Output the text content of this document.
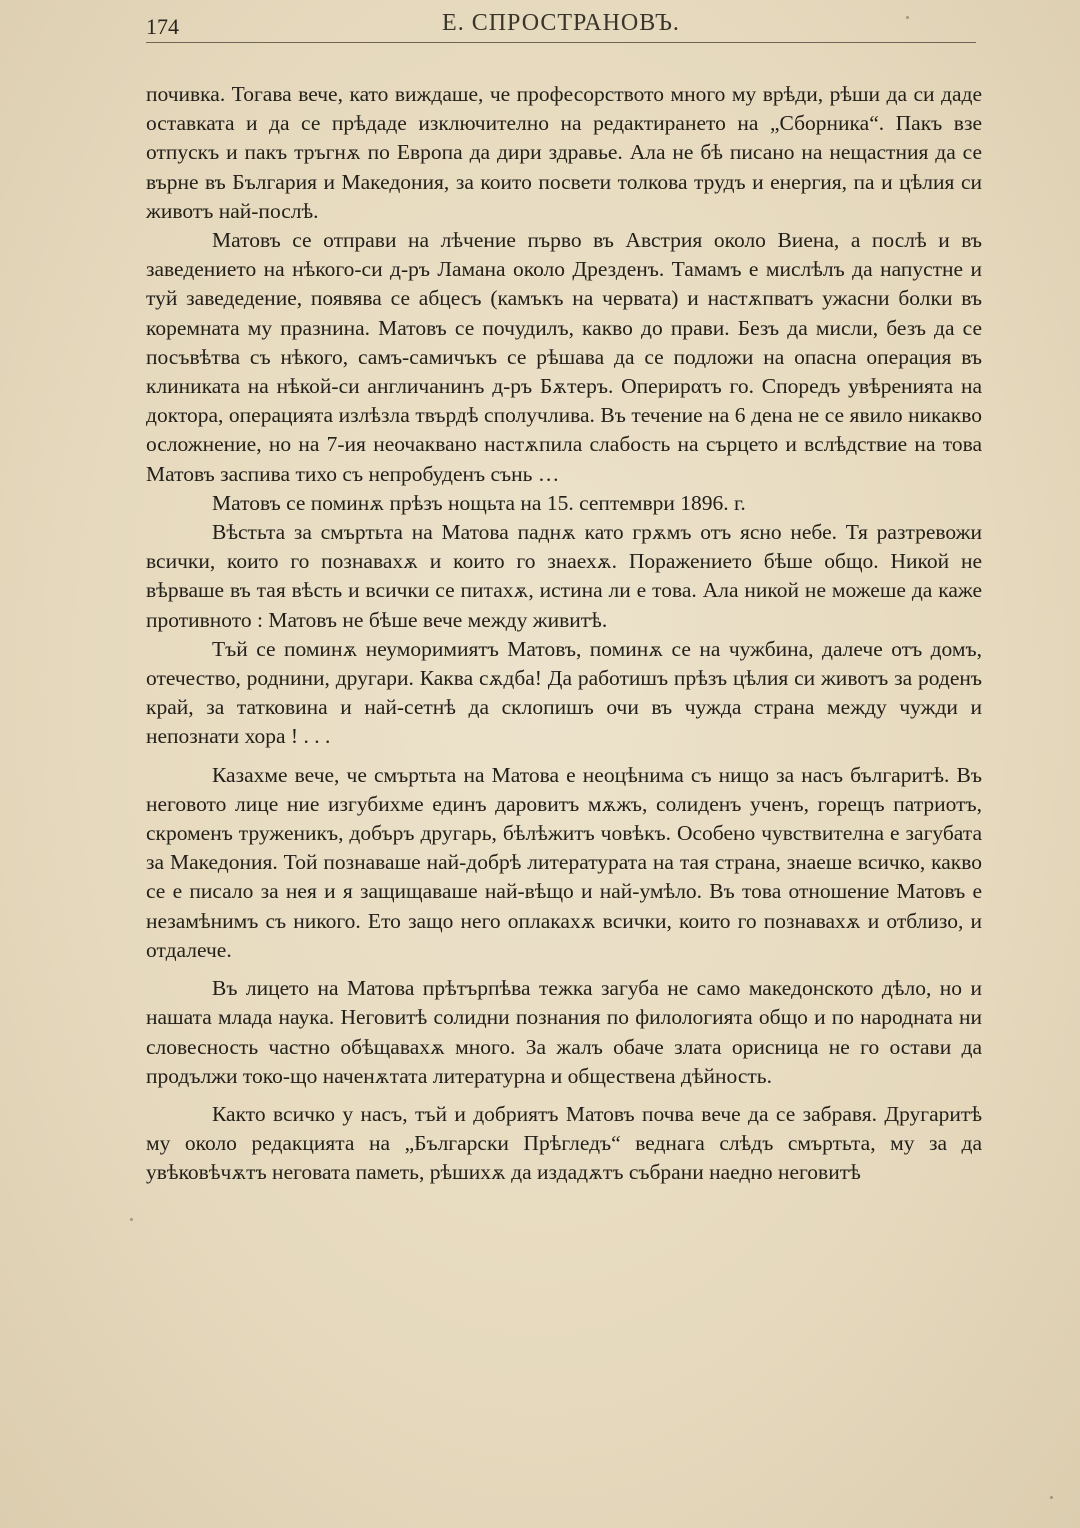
174	Е. СПРОСТРАНОВЪ.

почивка. Тогава вече, като виждаше, че професорството много му врѣди, рѣши да си даде оставката и да се прѣдаде изключително на редактирането на „Сборника“. Пакъ взе отпускъ и пакъ тръгнѫ по Европа да дири здравье. Ала не бѣ писано на нещастния да се върне въ България и Македония, за които посвети толкова трудъ и енергия, па и цѣлия си животъ най-послѣ.

Матовъ се отправи на лѣчение първо въ Австрия около Виена, а послѣ и въ заведението на нѣкого-си д-ръ Ламана около Дрезденъ. Тамамъ е мислѣлъ да напустне и туй заведедение, появява се абцесъ (камъкъ на червата) и настѫпватъ ужасни болки въ коремната му празнина. Матовъ се почудилъ, какво до прави. Безъ да мисли, безъ да се посъвѣтва съ нѣкого, самъ-самичъкъ се рѣшава да се подложи на опасна операция въ клиниката на нѣкой-си англичанинъ д-ръ Бѫтеръ. Оперирατъ го. Споредъ увѣренията на доктора, операцията излѣзла твърдѣ сполучлива. Въ течение на 6 дена не се явило никакво осложнение, но на 7-ия неочаквано настѫпила слабость на сърцето и вслѣдствие на това Матовъ заспива тихо съ непробуденъ сънь …

Матовъ се поминѫ прѣзъ нощьта на 15. септември 1896. г.

Вѣстьта за смъртьта на Матова паднѫ като грѫмъ отъ ясно небе. Тя разтревожи всички, които го познавахѫ и които го знаехѫ. Поражението бѣше общо. Никой не вѣрваше въ тая вѣсть и всички се питахѫ, истина ли е това. Ала никой не можеше да каже противното : Матовъ не бѣше вече между живитѣ.

Тъй се поминѫ неуморимиятъ Матовъ, поминѫ се на чужбина, далече отъ домъ, отечество, роднини, другари. Каква сѫдба! Да работишъ прѣзъ цѣлия си животъ за роденъ край, за татковина и най-сетнѣ да склопишъ очи въ чужда страна между чужди и непознати хора ! . . .

Казахме вече, че смъртьта на Матова е неоцѣнима съ нищо за насъ българитѣ. Въ неговото лице ние изгубихме единъ даровитъ мѫжъ, солиденъ ученъ, горещъ патриотъ, скроменъ труженикъ, добъръ другарь, бѣлѣжитъ човѣкъ. Особено чувствителна е загубата за Македония. Той познаваше най-добрѣ литературата на тая страна, знаеше всичко, какво се е писало за нея и я защищаваше най-вѣщо и най-умѣло. Въ това отношение Матовъ е незамѣнимъ съ никого. Ето защо него оплакахѫ всички, които го познавахѫ и отблизо, и отдалече.

Въ лицето на Матова прѣтърпѣва тежка загуба не само македонското дѣло, но и нашата млада наука. Неговитѣ солидни познания по филологията общо и по народната ни словесность частно обѣщавахѫ много. За жалъ обаче злата орисница не го остави да продължи токо-що наченѫтата литературна и обществена дѣйность.

Както всичко у насъ, тъй и добриятъ Матовъ почва вече да се забравя. Другаритѣ му около редакцията на „Български Прѣгледъ“ веднага слѣдъ смъртьта, му за да увѣковѣчѫтъ неговата паметь, рѣшихѫ да издадѫтъ събрани наедно неговитѣ
